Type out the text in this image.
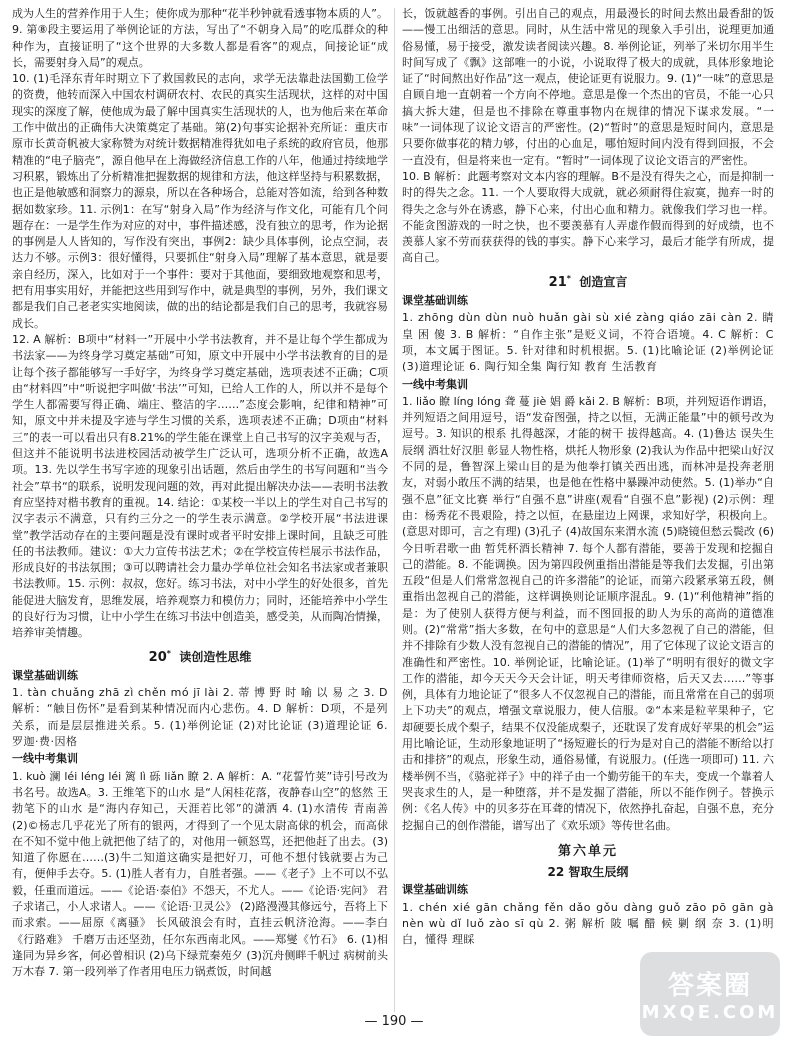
成为人生的营养作用于人生；使你成为那种“花半秒钟就看透事物本质的人”。 9. 第⑧段主要运用了举例论证的方法，写出了“不朝身入局”的吃瓜群众的种种作为，直接证明了“这个世界的大多数人都是看客”的观点，间接论证“成长，需要射身入局”的观点。

10. (1)毛泽东青年时期立下了救国救民的志向，求学无法靠赴法国勤工俭学的资费，他转而深入中国农村调研农村、农民的真实生活现状，这样的对中国现实的深度了解，使他成为最了解中国真实生活现状的人，也为他后来在革命工作中做出的正确伟大决策奠定了基础。第(2)句事实论据补充所证：重庆市原市长黄奇帆被大家称赞为对统计数据精准得犹如电子系统的政府官员，他那精准的“电子脑壳”，源自他早在上海做经济信息工作的八年，他通过持续地学习积累，锻炼出了分析精准把握数据的规律和方法，他这样坚持与积累数据，也正是他敏感和洞察力的源泉，所以在各种场合，总能对答如流，给到各种数据如数家珍。11. 示例1：在写“射身入局”作为经济与作文化，可能有几个问题存在：一是学生作为对应的对中，事件描述感，没有独立的思考，作为论据的事例是人人皆知的，写作没有突出，事例2：缺少具体事例，论点空洞，表达力不够。示例3：很好懂得，只要抓住“射身入局”理解了基本意思，就是要亲自经历，深入，比如对于一个事件：要对于其他面，要细致地观察和思考，把有用事实用好，并能把这些用到写作中，就是典型的事例，另外，我们课文都是我们自己老老实实地阅读，做的出的结论都是我们自己的思考，我就容易成长。

12. A 解析：B项中“材料一”开展中小学书法教育，并不是让每个学生都成为书法家——为终身学习奠定基础”可知，原文中开展中小学书法教育的目的是让每个孩子都能够写一手好字，为终身学习奠定基础，选项表述不正确；C项由“材料四”中“听说把字叫做‘书法’”可知，已给人工作的人，所以并不是每个学生人都需要写得正确、端庄、整洁的字……”态度会影响，纪律和精神”可知，原文中并未提及字迹与学生习惯的关系，选项表述不正确；D项由“材料三”的表一可以看出只有8.21%的学生能在课堂上自己书写的汉字美观与否，但这并不能说明书法进校园活动被学生广泛认可，选项分析不正确，故选A项。13. 先以学生书写字迹的现象引出话题，然后由学生的书写问题和“当今社会”草书“的联系，说明发现问题的效，再对此提出解决办法——表明书法教育应坚持对楷书教育的重视。14. 结论：①某校一半以上的学生对自己书写的汉字表示不满意，只有约三分之一的学生表示满意。②学校开展“书法进课堂”教学活动存在的主要问题是没有课时或者平时安排上课时间，且缺乏可胜任的书法教师。建议：①大力宣传书法艺术；②在学校宣传栏展示书法作品，形成良好的书法氛围；③可以聘请社会力量办学单位社会知名书法家或者兼职书法教师。15. 示例：叔叔，您好。练习书法，对中小学生的好处很多，首先能促进大脑发育，思维发展，培养观察力和模仿力；同时，还能培养中小学生的良好行为习惯，让中小学生在练习书法中创造美，感受美，从而陶冶情操，培养审美情趣。

20* 读创造性思维
课堂基础训练

1. tàn chuǎng zhā zì chěn mó jī lài 2. 蒂 博 野 时 喻 以 易 之 3. D 解析：“触目伤怀”是看到某种情况而内心悲伤。4. D 解析：D项，不是列关系，而是层层推进关系。5. (1)举例论证 (2)对比论证 (3)道理论证 6. 罗迦·费·因格

一线中考集训

1. kuò 澜 léi léng léi 篱 lì 砾 liǎn 瞭 2. A 解析：A. “花誓竹荚”诗引号改为书名号。故选A。3. 王维笔下的山水 是“人闲桂花落，夜静春山空”的悠然 王勃笔下的山水 是“海内存知己，天涯若比邻”的潇洒 4. (1)水清传 青南善 (2)©杨志几乎花光了所有的银两，才得到了一个见太尉高俅的机会，而高俅在不知不觉中他上就把他了结了的，对他用一顿怒骂，还把他赶了出去。(3)知道了你愿在……(3)牛二知道这确实是把好刀，可他不想付钱就要占为己有，便伸手去夺。5. (1)胜人者有力，自胜者强。——《老子》上不可以不弘毅，任重而道远。——《论语·泰伯》不怨天，不尤人。——《论语·宪问》 君子求诸己，小人求诸人。——《论语·卫灵公》 (2)路漫漫其修远兮，吾将上下而求索。——屈原《离骚》 长风破浪会有时，直挂云帆济沧海。——李白《行路难》 千磨万击还坚劲，任尔东西南北风。——郑燮《竹石》 6. (1)相逢同为异乡客，何必曾相识 (2)乌下绿荒秦苑夕 (3)沉舟侧畔千帆过 病树前头万木春 7. 第一段列举了作者用电压力锅煮饭，时间越

长，饭就越香的事例。引出自己的观点，用最漫长的时间去熬出最香甜的饭——慢工出细活的意思。同时，从生活中常见的现象入手引出，说理更加通俗易懂，易于接受，激发读者阅读兴趣。8. 举例论证，列举了米切尔用半生时间写成了《飘》这部唯一的小说，小说取得了极大的成就，具体形象地论证了“时间熬出好作品”这一观点，使论证更有说服力。9. (1)“一味”的意思是自顾自地一直朝着一个方向不停地。意思是像一个杰出的官员，不能一心只搞大拆大建，但是也不排除在尊重事物内在规律的情况下谋求发展。“一味”一词体现了议论文语言的严密性。(2)“暂时”的意思是短时间内，意思是只要你做事花的精力够，付出的心血足，哪怕短时间内没有得到回报，不会一直没有，但是将来也一定有。“暂时”一词体现了议论文语言的严密性。

10. B 解析：此题考察对文本内容的理解。B不是没有得失之心，而是抑制一时的得失之念。11. 一个人要取得大成就，就必须耐得住寂寞，抛弃一时的得失之念与外在诱惑，静下心来，付出心血和精力。就像我们学习也一样。不能贪图游戏的一时之快，也不要羡慕有人弄虚作假而得到的好成绩，也不羡慕人家不劳而获获得的钱的事实。静下心来学习，最后才能学有所成，提高自己。

21* 创造宣言
课堂基础训练

1. zhōng dùn dùn nuò huǎn gài sù xié zàng qiáo zāi càn 2. 睛 皇 困 傻 3. B 解析：“自作主张”是贬义词，不符合语境。4. C 解析：C项，本文属于图证。5. 针对律和时机根据。5. (1)比喻论证 (2)举例论证 (3)道理论证 6. 陶行知全集 陶行知 教育 生活教育

一线中考集训

1. liǎo 瞭 líng lóng 聋 蔓 jiè 娼 爵 kǎi 2. B 解析：B项，并列短语作谓语，并列短语之间用逗号，语“发奋图强，持之以恒，无满正能量”中的顿号改为逗号。3. 知识的根系 扎得越深，才能的树干 拔得越高。4. (1)鲁达 误失生辰纲 酒壮好汉胆 彰显人物性格，烘托人物形象 (2)我认为作品中把梁山好汉不同的是，鲁智深上梁山目的是为他拳打镇关西出逃，而林冲是投奔老朋友，对弱小敢压不满的结果，也是他在性格中暴躁冲动使然。5. (1)举办“自强不息”征文比赛 举行“自强不息”讲座(观看“自强不息”影视) (2)示例：理由：杨秀花不畏艰险，持之以恒，在悬崖边上网课，求知好学，积极向上。(意思对即可，言之有理) (3)孔子 (4)故国东来渭水流 (5)晓镜但愁云鬓改 (6)今日听君歌一曲 暂凭杯酒长精神 7. 每个人都有潜能，要善于发现和挖掘自己的潜能。8. 不能调换。因为第四段例重指出潜能是等我们去发掘，引出第五段“但是人们常常忽视自己的许多潜能”的论证，而第六段紧承第五段，侧重指出忽视自己的潜能，这样调换则论证顺序混乱。9. (1)“利他精神”指的是：为了使别人获得方便与利益，而不图回报的助人为乐的高尚的道德准则。(2)“常常”指大多数，在句中的意思是“人们大多忽视了自己的潜能，但并不排除有少数人没有忽视自己的潜能的情况”，用了它体现了议论文语言的准确性和严密性。10. 举例论证，比喻论证。(1)举了“明明有很好的微文字工作的潜能，却今天天今天会计证，明天考律师资格，后天又去……”等事例，具体有力地论证了“很多人不仅忽视自己的潜能，而且常常在自己的弱项上下功夫”的观点，增强文章说服力，使人信服。②“本来是粒苹果种子，它却硬要长成个梨子，结果不仅没能成梨子，还耽误了发育成好苹果的机会”运用比喻论证，生动形象地证明了“扬短避长的行为是对自己的潜能不断给以打击和排挤”的观点，形象生动，通俗易懂，有说服力。(任选一项即可) 11. 六楼举例不当，《骆驼祥子》中的祥子由一个勤劳能干的车夫，变成一个靠着人哭丧求生的人，是一种堕落，并不是发掘了潜能，所以不能作例子。替换示例：《名人传》中的贝多芬在耳聋的情况下，依然挣扎奋起，自强不息，充分挖掘自己的创作潜能，谱写出了《欢乐颂》等传世名曲。

第六单元
22 智取生辰纲
课堂基础训练

1. chén xié gān chǎng fěn dǎo gǒu dàng guǒ zāo pō gān gà nèn wù dǐ luǒ zào sī qù 2. 粥 解析 陂 嘱 醋 候 剿 纲 奈 3. (1)明白，懂得 理睬

— 190 —
答案圈
MXQE.COM
